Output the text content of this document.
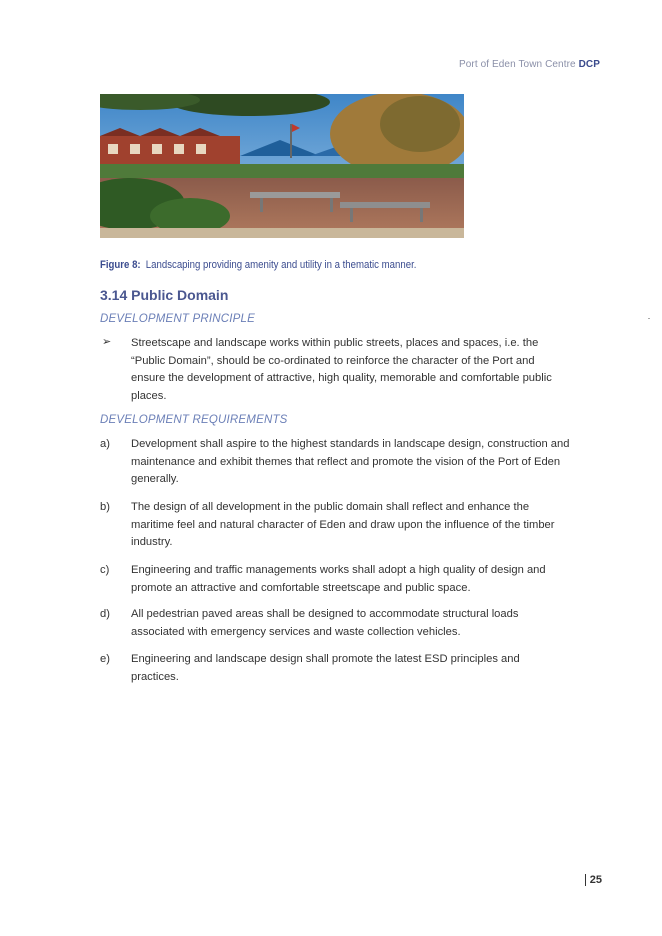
Port of Eden Town Centre DCP
Figure 8: Landscaping providing amenity and utility in a thematic manner.
3.14 Public Domain
DEVELOPMENT PRINCIPLE
➢ Streetscape and landscape works within public streets, places and spaces, i.e. the “Public Domain”, should be co-ordinated to reinforce the character of the Port and ensure the development of attractive, high quality, memorable and comfortable public places.
DEVELOPMENT REQUIREMENTS
a) Development shall aspire to the highest standards in landscape design, construction and maintenance and exhibit themes that reflect and promote the vision of the Port of Eden generally.
b) The design of all development in the public domain shall reflect and enhance the maritime feel and natural character of Eden and draw upon the influence of the timber industry.
c) Engineering and traffic managements works shall adopt a high quality of design and promote an attractive and comfortable streetscape and public space.
d) All pedestrian paved areas shall be designed to accommodate structural loads associated with emergency services and waste collection vehicles.
e) Engineering and landscape design shall promote the latest ESD principles and practices.
25
